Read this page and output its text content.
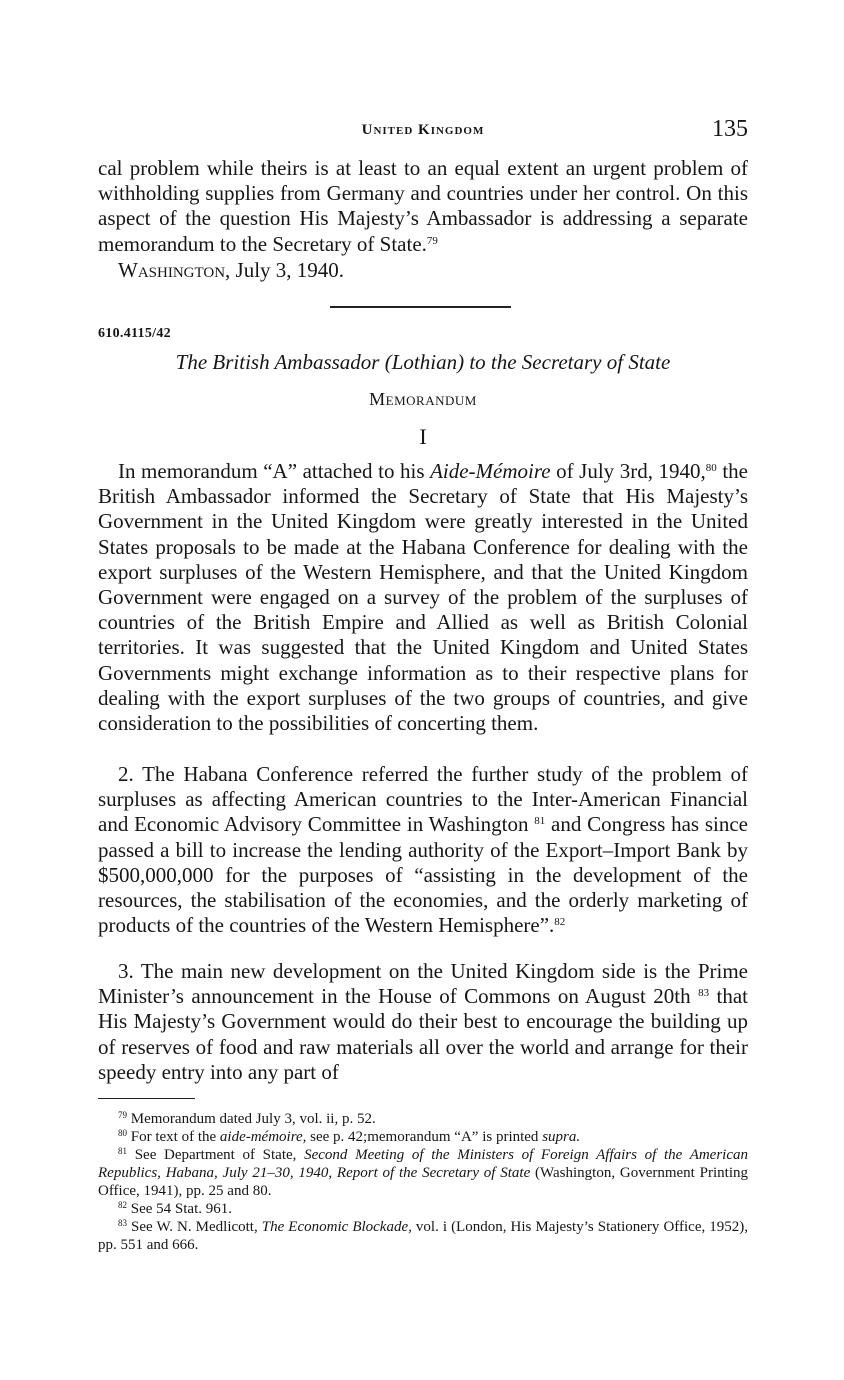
United Kingdom	135

cal problem while theirs is at least to an equal extent an urgent problem of withholding supplies from Germany and countries under her control. On this aspect of the question His Majesty’s Ambassador is addressing a separate memorandum to the Secretary of State.$^{79}$

Washington, July 3, 1940.
610.4115/42
The British Ambassador (Lothian) to the Secretary of State
Memorandum
I

In memorandum “A” attached to his Aide-Mémoire of July 3rd, 1940,80 the British Ambassador informed the Secretary of State that His Majesty’s Government in the United Kingdom were greatly interested in the United States proposals to be made at the Habana Conference for dealing with the export surpluses of the Western Hemisphere, and that the United Kingdom Government were engaged on a survey of the problem of the surpluses of countries of the British Empire and Allied as well as British Colonial territories. It was suggested that the United Kingdom and United States Governments might exchange information as to their respective plans for dealing with the export surpluses of the two groups of countries, and give consideration to the possibilities of concerting them.

2. The Habana Conference referred the further study of the problem of surpluses as affecting American countries to the Inter-American Financial and Economic Advisory Committee in Washington $^{81}$ and Congress has since passed a bill to increase the lending authority of the Export–Import Bank by $500,000,000 for the purposes of “assisting in the development of the resources, the stabilisation of the economies, and the orderly marketing of products of the countries of the Western Hemisphere”.$^{82}$

3. The main new development on the United Kingdom side is the Prime Minister’s announcement in the House of Commons on August 20th $^{83}$ that His Majesty’s Government would do their best to encourage the building up of reserves of food and raw materials all over the world and arrange for their speedy entry into any part of

$^{79}$ Memorandum dated July 3, vol. ii, p. 52.

$^{80}$ For text of the aide-mémoire, see p. 42;memorandum “A” is printed supra.

$^{81}$ See Department of State, Second Meeting of the Ministers of Foreign Affairs of the American Republics, Habana, July 21–30, 1940, Report of the Secretary of State (Washington, Government Printing Office, 1941), pp. 25 and 80.

$^{82}$ See 54 Stat. 961.

$^{83}$ See W. N. Medlicott, The Economic Blockade, vol. i (London, His Majesty’s Stationery Office, 1952), pp. 551 and 666.
